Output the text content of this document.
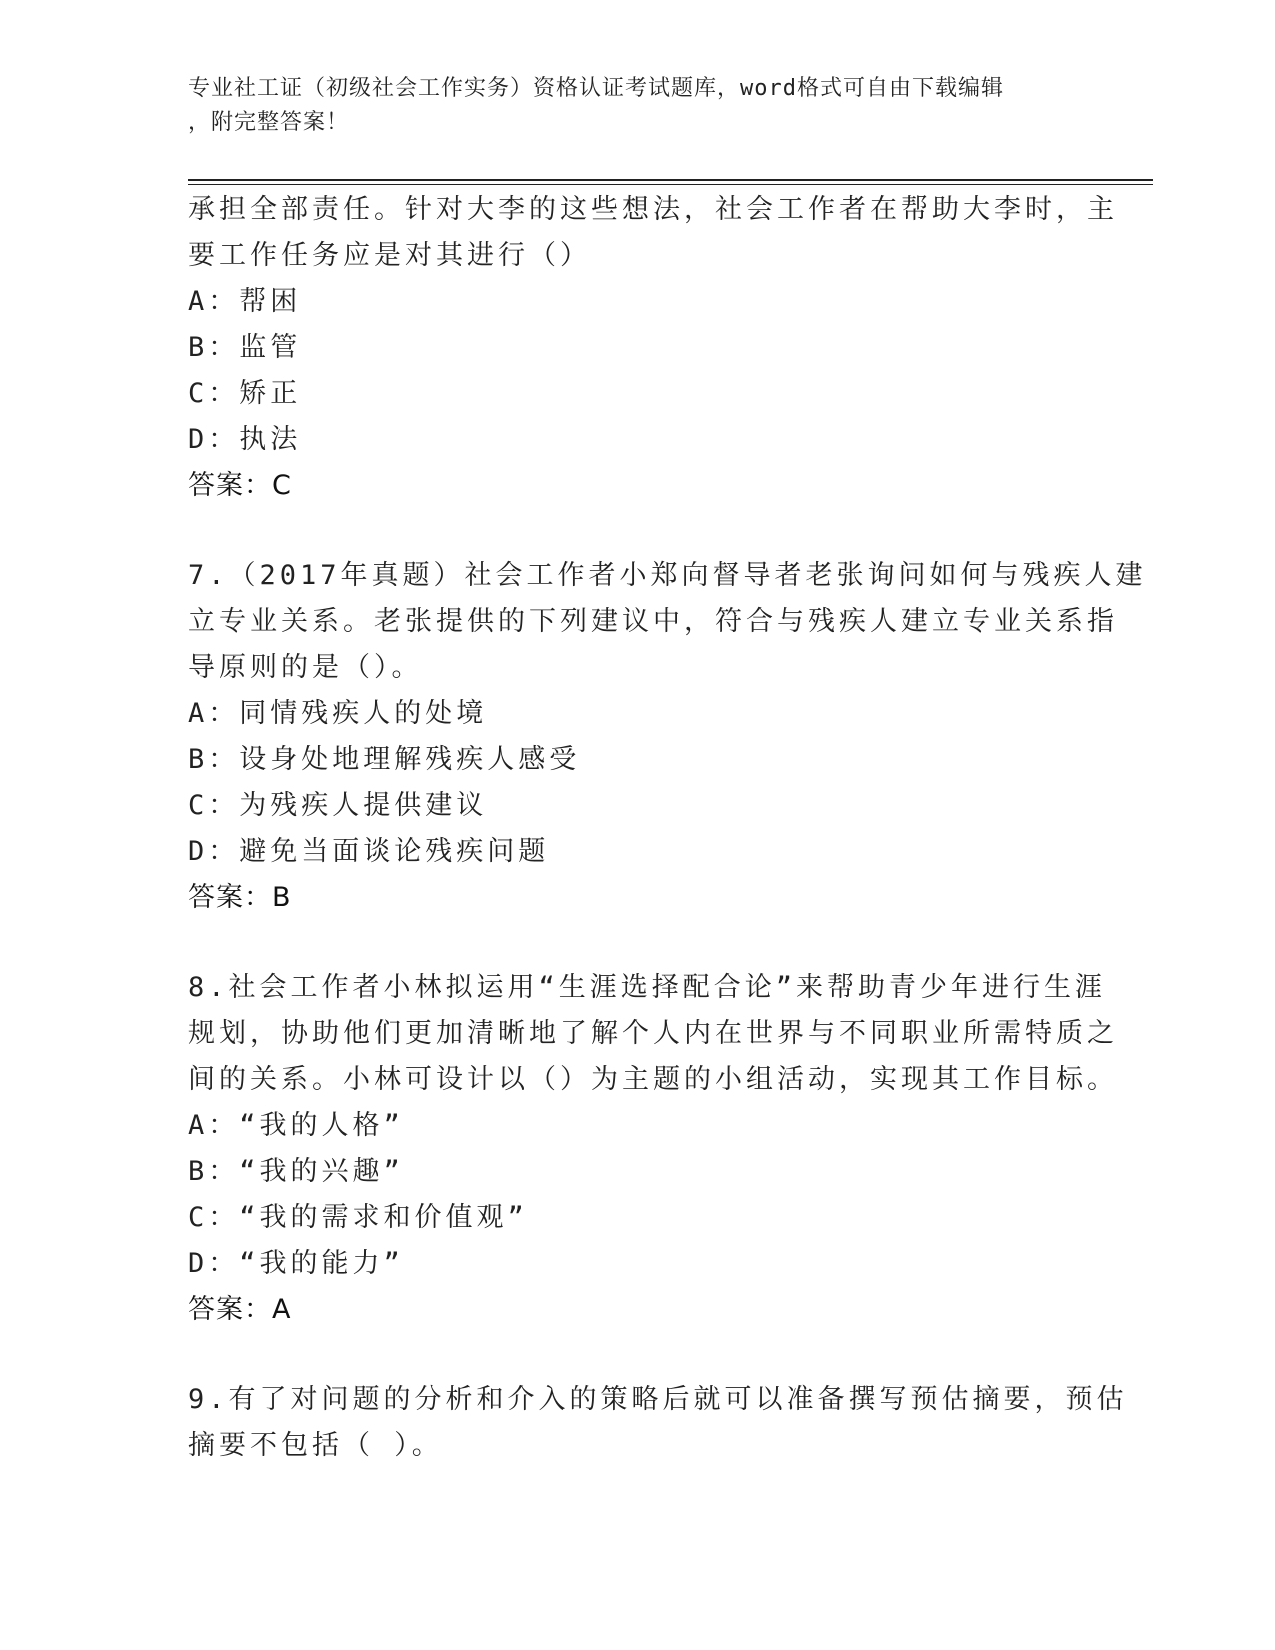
专业社工证（初级社会工作实务）资格认证考试题库，word格式可自由下载编辑
，附完整答案！
承担全部责任。针对大李的这些想法，社会工作者在帮助大李时，主
要工作任务应是对其进行（）
A：帮困
B：监管
C：矫正
D：执法
答案：C
7.（2017年真题）社会工作者小郑向督导者老张询问如何与残疾人建
立专业关系。老张提供的下列建议中，符合与残疾人建立专业关系指
导原则的是（）。
A：同情残疾人的处境
B：设身处地理解残疾人感受
C：为残疾人提供建议
D：避免当面谈论残疾问题
答案：B
8.社会工作者小林拟运用“生涯选择配合论”来帮助青少年进行生涯
规划，协助他们更加清晰地了解个人内在世界与不同职业所需特质之
间的关系。小林可设计以（）为主题的小组活动，实现其工作目标。
A：“我的人格”
B：“我的兴趣”
C：“我的需求和价值观”
D：“我的能力”
答案：A
9.有了对问题的分析和介入的策略后就可以准备撰写预估摘要，预估
摘要不包括（ ）。
